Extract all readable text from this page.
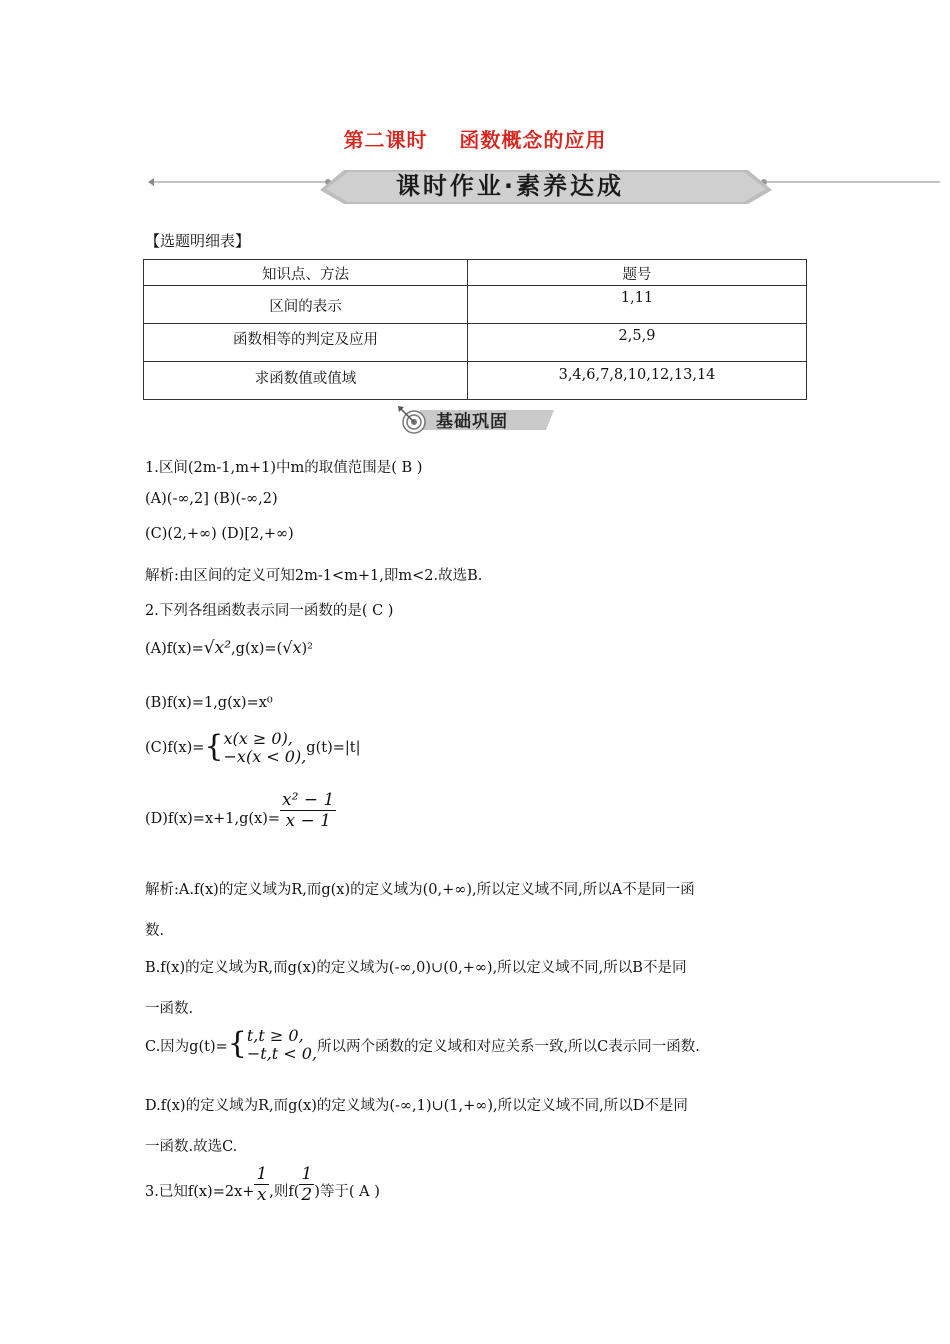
第二课时    函数概念的应用
课时作业·素养达成
【选题明细表】
知识点、方法	题号
区间的表示	1,11
函数相等的判定及应用	2,5,9
求函数值或值域	3,4,6,7,8,10,12,13,14
基础巩固
1.区间(2m-1,m+1)中m的取值范围是( B )
(A)(-∞,2] (B)(-∞,2)
(C)(2,+∞) (D)[2,+∞)
解析:由区间的定义可知2m-1<m+1,即m<2.故选B.
2.下列各组函数表示同一函数的是( C )
(A)f(x)=√x²,g(x)=(√x)²
(B)f(x)=1,g(x)=x⁰
(C)f(x)={ x(x ≥ 0),
−x(x < 0), g(t)=|t|
$(D)f(x)=x+1,g(x)= \frac{\text{x² − 1}}{x - 1}$
解析:A.f(x)的定义域为R,而g(x)的定义域为(0,+∞),所以定义域不同,所以A不是同一函
数.
B.f(x)的定义域为R,而g(x)的定义域为(-∞,0)∪(0,+∞),所以定义域不同,所以B不是同
一函数.
C.因为g(t)={ t,t ≥ 0,
−t,t < 0, 所以两个函数的定义域和对应关系一致,所以C表示同一函数.
D.f(x)的定义域为R,而g(x)的定义域为(-∞,1)∪(1,+∞),所以定义域不同,所以D不是同
一函数.故选C.
3.已知$f(x)=2x+ \frac{1}{x}$ ,则$f( \frac{1}{2}$ )等于( A )
